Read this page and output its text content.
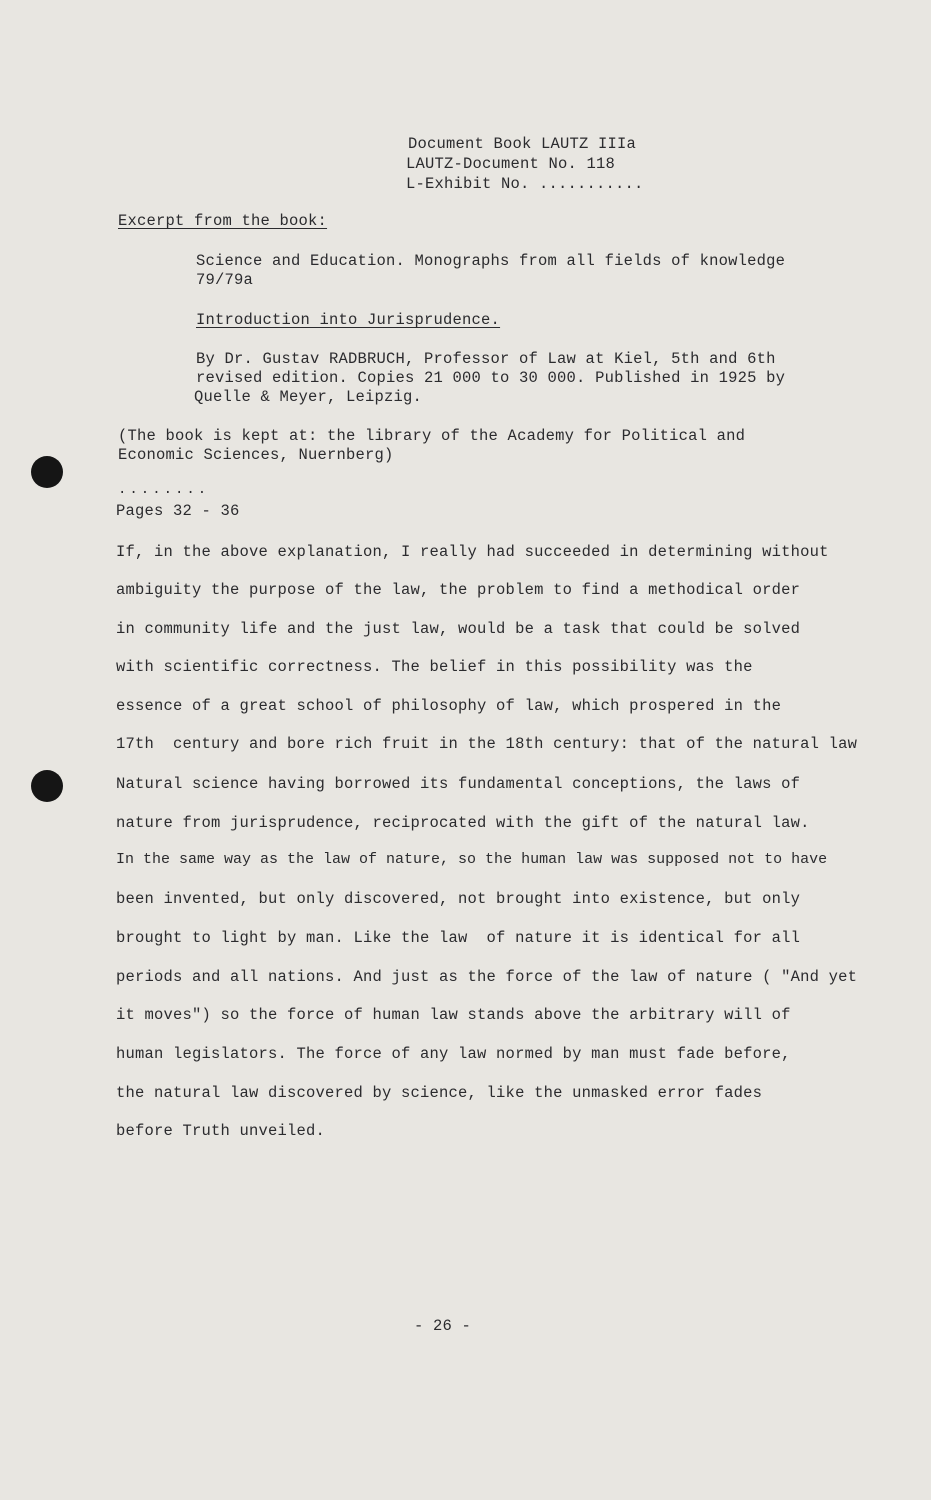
Document Book LAUTZ IIIa
LAUTZ-Document No. 118
L-Exhibit No. ...........
Excerpt from the book:
Science and Education. Monographs from all fields of knowledge
79/79a
Introduction into Jurisprudence.
By Dr. Gustav RADBRUCH, Professor of Law at Kiel, 5th and 6th
revised edition. Copies 21 000 to 30 000. Published in 1925 by
Quelle & Meyer, Leipzig.
(The book is kept at: the library of the Academy for Political and
Economic Sciences, Nuernberg)
........
Pages 32 - 36
If, in the above explanation, I really had succeeded in determining without
ambiguity the purpose of the law, the problem to find a methodical order
in community life and the just law, would be a task that could be solved
with scientific correctness. The belief in this possibility was the
essence of a great school of philosophy of law, which prospered in the
17th  century and bore rich fruit in the 18th century: that of the natural law
Natural science having borrowed its fundamental conceptions, the laws of
nature from jurisprudence, reciprocated with the gift of the natural law.
In the same way as the law of nature, so the human law was supposed not to have
been invented, but only discovered, not brought into existence, but only
brought to light by man. Like the law  of nature it is identical for all
periods and all nations. And just as the force of the law of nature ( "And yet
it moves") so the force of human law stands above the arbitrary will of
human legislators. The force of any law normed by man must fade before,
the natural law discovered by science, like the unmasked error fades
before Truth unveiled.
- 26 -
